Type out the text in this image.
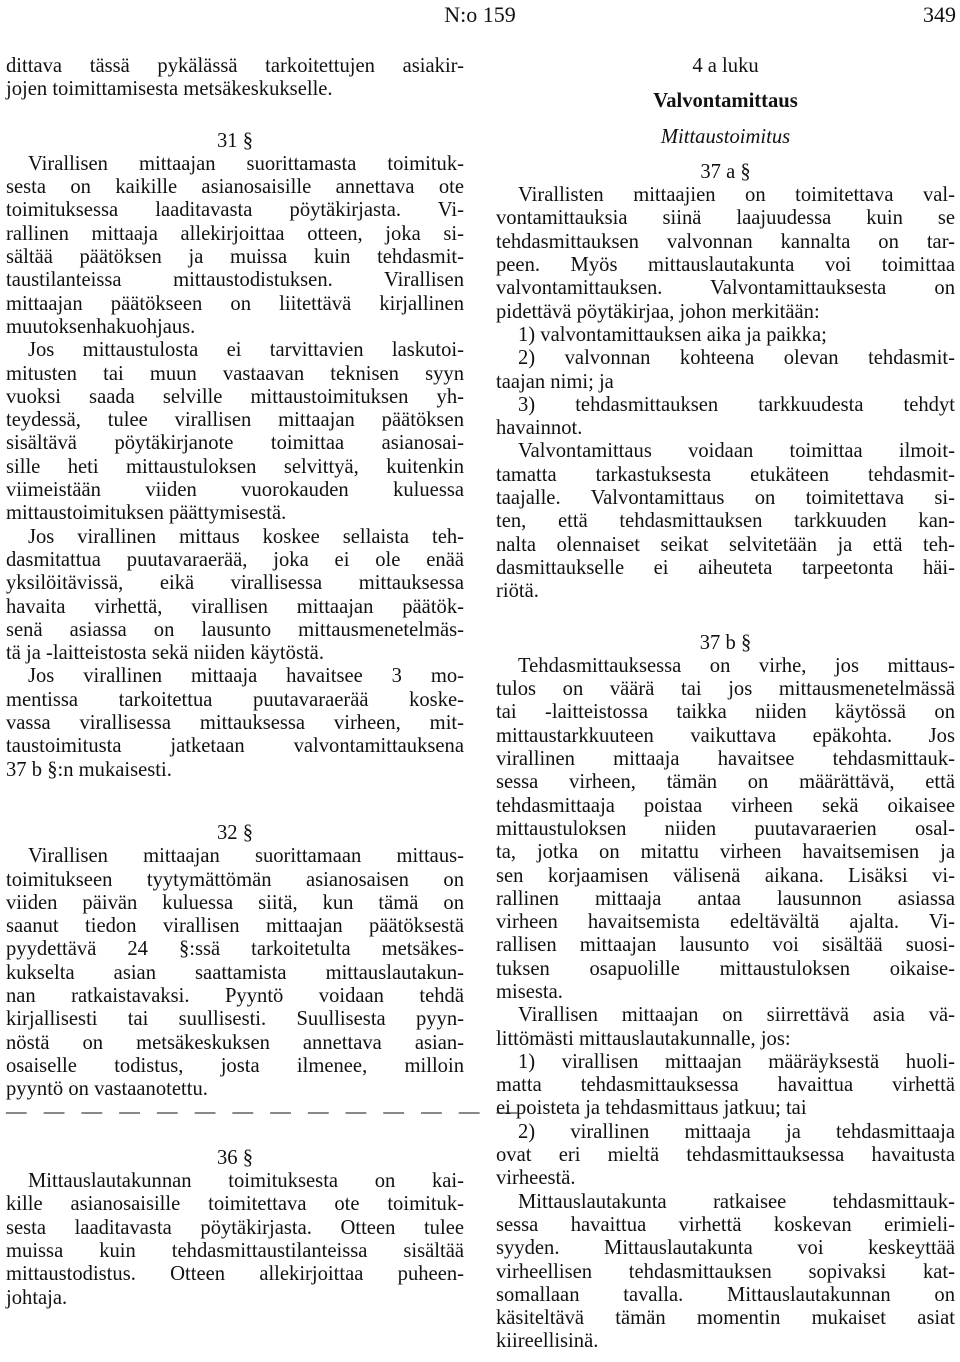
N:o 159	349

dittava tässä pykälässä tarkoitettujen asiakir-

jojen toimittamisesta metsäkeskukselle.

31 §

Virallisen mittaajan suorittamasta toimituk-

sesta on kaikille asianosaisille annettava ote

toimituksessa laaditavasta pöytäkirjasta. Vi-

rallinen mittaaja allekirjoittaa otteen, joka si-

sältää päätöksen ja muissa kuin tehdasmit-

taustilanteissa mittaustodistuksen. Virallisen

mittaajan päätökseen on liitettävä kirjallinen

muutoksenhakuohjaus.

Jos mittaustulosta ei tarvittavien laskutoi-

mitusten tai muun vastaavan teknisen syyn

vuoksi saada selville mittaustoimituksen yh-

teydessä, tulee virallisen mittaajan päätöksen

sisältävä pöytäkirjanote toimittaa asianosai-

sille heti mittaustuloksen selvittyä, kuitenkin

viimeistään viiden vuorokauden kuluessa

mittaustoimituksen päättymisestä.

Jos virallinen mittaus koskee sellaista teh-

dasmitattua puutavaraerää, joka ei ole enää

yksilöitävissä, eikä virallisessa mittauksessa

havaita virhettä, virallisen mittaajan päätök-

senä asiassa on lausunto mittausmenetelmäs-

tä ja -laitteistosta sekä niiden käytöstä.

Jos virallinen mittaaja havaitsee 3 mo-

mentissa tarkoitettua puutavaraerää koske-

vassa virallisessa mittauksessa virheen, mit-

taustoimitusta jatketaan valvontamittauksena

37 b §:n mukaisesti.

32 §

Virallisen mittaajan suorittamaan mittaus-

toimitukseen tyytymättömän asianosaisen on

viiden päivän kuluessa siitä, kun tämä on

saanut tiedon virallisen mittaajan päätöksestä

pyydettävä 24 §:ssä tarkoitetulta metsäkes-

kukselta asian saattamista mittauslautakun-

nan ratkaistavaksi. Pyyntö voidaan tehdä

kirjallisesti tai suullisesti. Suullisesta pyyn-

nöstä on metsäkeskuksen annettava asian-

osaiselle todistus, josta ilmenee, milloin

pyyntö on vastaanotettu.

— — — — — — — — — — — — — —

36 §

Mittauslautakunnan toimituksesta on kai-

kille asianosaisille toimitettava ote toimituk-

sesta laaditavasta pöytäkirjasta. Otteen tulee

muissa kuin tehdasmittaustilanteissa sisältää

mittaustodistus. Otteen allekirjoittaa puheen-

johtaja.

4 a luku

Valvontamittaus

Mittaustoimitus

37 a §

Virallisten mittaajien on toimitettava val-

vontamittauksia siinä laajuudessa kuin se

tehdasmittauksen valvonnan kannalta on tar-

peen. Myös mittauslautakunta voi toimittaa

valvontamittauksen. Valvontamittauksesta on

pidettävä pöytäkirjaa, johon merkitään:

1) valvontamittauksen aika ja paikka;

2) valvonnan kohteena olevan tehdasmit-

taajan nimi; ja

3) tehdasmittauksen tarkkuudesta tehdyt

havainnot.

Valvontamittaus voidaan toimittaa ilmoit-

tamatta tarkastuksesta etukäteen tehdasmit-

taajalle. Valvontamittaus on toimitettava si-

ten, että tehdasmittauksen tarkkuuden kan-

nalta olennaiset seikat selvitetään ja että teh-

dasmittaukselle ei aiheuteta tarpeetonta häi-

riötä.

37 b §

Tehdasmittauksessa on virhe, jos mittaus-

tulos on väärä tai jos mittausmenetelmässä

tai -laitteistossa taikka niiden käytössä on

mittaustarkkuuteen vaikuttava epäkohta. Jos

virallinen mittaaja havaitsee tehdasmittauk-

sessa virheen, tämän on määrättävä, että

tehdasmittaaja poistaa virheen sekä oikaisee

mittaustuloksen niiden puutavaraerien osal-

ta, jotka on mitattu virheen havaitsemisen ja

sen korjaamisen välisenä aikana. Lisäksi vi-

rallinen mittaaja antaa lausunnon asiassa

virheen havaitsemista edeltävältä ajalta. Vi-

rallisen mittaajan lausunto voi sisältää suosi-

tuksen osapuolille mittaustuloksen oikaise-

misesta.

Virallisen mittaajan on siirrettävä asia vä-

littömästi mittauslautakunnalle, jos:

1) virallisen mittaajan määräyksestä huoli-

matta tehdasmittauksessa havaittua virhettä

ei poisteta ja tehdasmittaus jatkuu; tai

2) virallinen mittaaja ja tehdasmittaaja

ovat eri mieltä tehdasmittauksessa havaitusta

virheestä.

Mittauslautakunta ratkaisee tehdasmittauk-

sessa havaittua virhettä koskevan erimieli-

syyden. Mittauslautakunta voi keskeyttää

virheellisen tehdasmittauksen sopivaksi kat-

somallaan tavalla. Mittauslautakunnan on

käsiteltävä tämän momentin mukaiset asiat

kiireellisinä.
